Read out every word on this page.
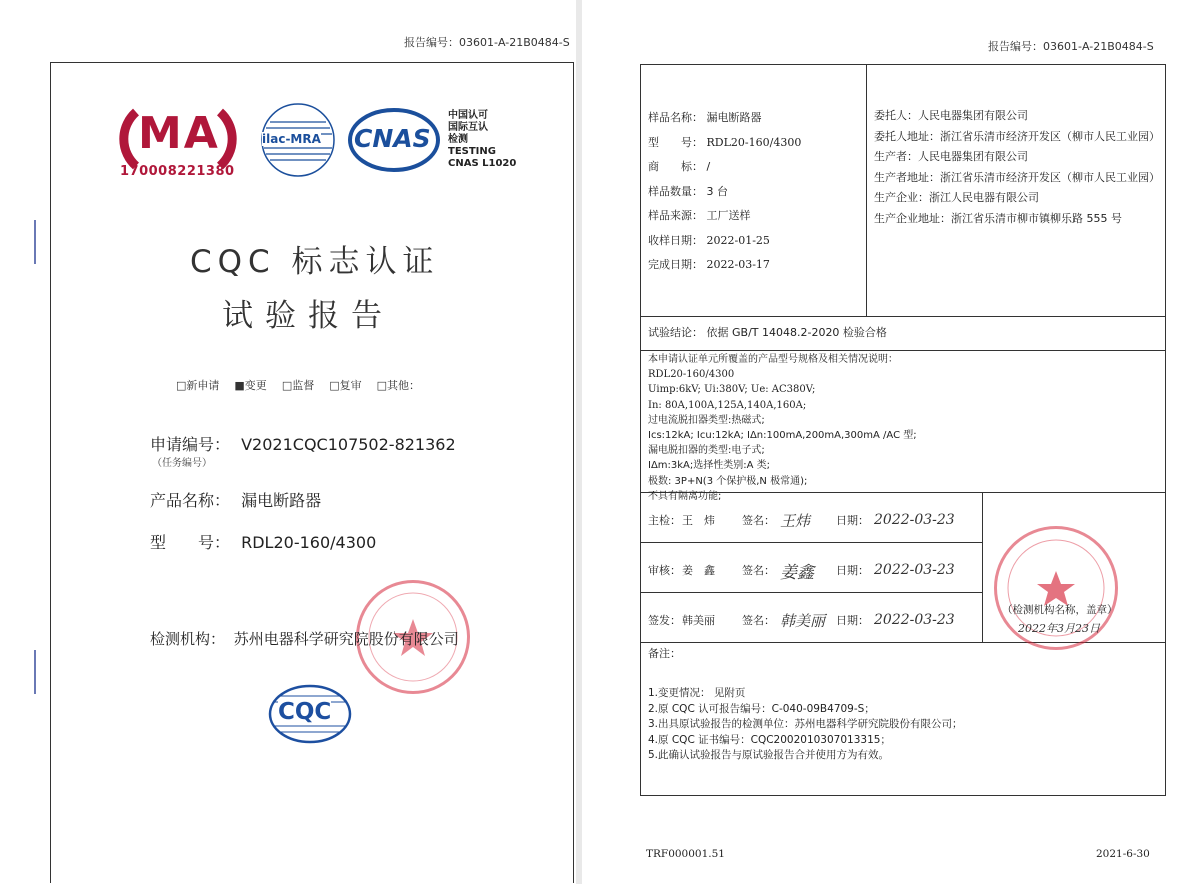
报告编号：03601-A-21B0484-S
MA
170008221380
ilac-MRA CNAS
中国认可
国际互认
检测
TESTING
CNAS L1020
CQC 标志认证
试验报告
□新申请 ■变更 □监督 □复审 □其他：
申请编号： V2021CQC107502-821362
（任务编号）
产品名称： 漏电断路器
型　　号： RDL20-160/4300
检测机构： 苏州电器科学研究院股份有限公司
CQC
报告编号：03601-A-21B0484-S
样品名称： 漏电断路器
型　　号： RDL20-160/4300
商　　标： /
样品数量： 3 台
样品来源： 工厂送样
收样日期： 2022-01-25
完成日期： 2022-03-17
委托人：人民电器集团有限公司
委托人地址：浙江省乐清市经济开发区（柳市人民工业园）
生产者：人民电器集团有限公司
生产者地址：浙江省乐清市经济开发区（柳市人民工业园）
生产企业：浙江人民电器有限公司
生产企业地址：浙江省乐清市柳市镇柳乐路 555 号
试验结论： 依据 GB/T 14048.2-2020 检验合格
本申请认证单元所覆盖的产品型号规格及相关情况说明：
RDL20-160/4300
Uimp:6kV; Ui:380V; Ue: AC380V;
In: 80A,100A,125A,140A,160A;
过电流脱扣器类型:热磁式;
Ics:12kA; Icu:12kA; IΔn:100mA,200mA,300mA /AC 型;
漏电脱扣器的类型:电子式;
IΔm:3kA;选择性类别:A 类;
极数: 3P+N(3 个保护极,N 极常通);
不具有隔离功能;
主检： 王　炜 签名： 王炜 日期： 2022-03-23
审核： 姜　鑫 签名： 姜鑫 日期： 2022-03-23
签发： 韩美丽 签名： 韩美丽 日期： 2022-03-23
（检测机构名称，盖章）
2022年3月23日
备注：
1.变更情况： 见附页
2.原 CQC 认可报告编号：C-040-09B4709-S；
3.出具原试验报告的检测单位：苏州电器科学研究院股份有限公司；
4.原 CQC 证书编号：CQC2002010307013315；
5.此确认试验报告与原试验报告合并使用方为有效。
TRF000001.51	2021-6-30
